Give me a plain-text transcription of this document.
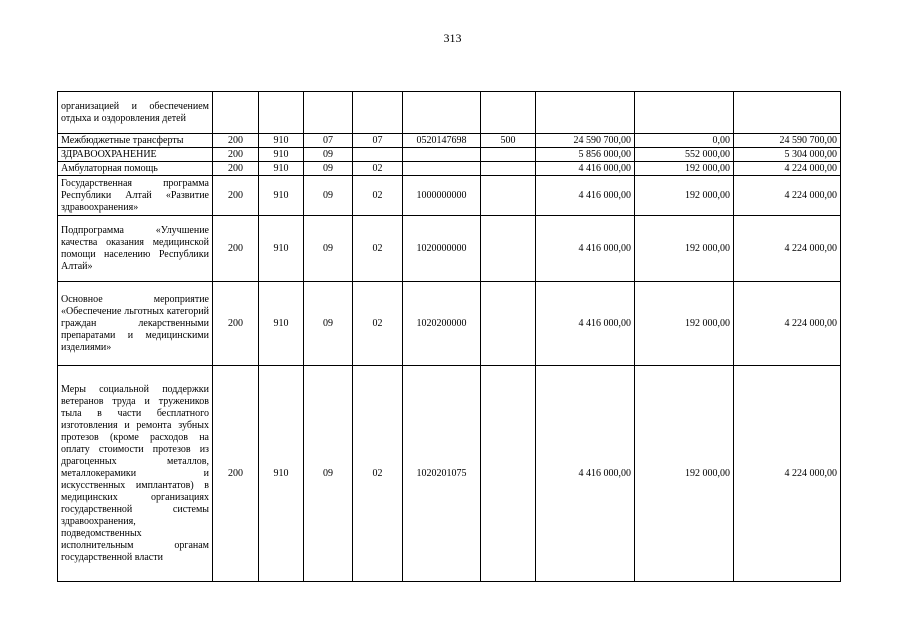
313
организацией и обеспечением отдыха и оздоровления детей									
Межбюджетные трансферты	200	910	07	07	0520147698	500	24 590 700,00	0,00	24 590 700,00
ЗДРАВООХРАНЕНИЕ	200	910	09				5 856 000,00	552 000,00	5 304 000,00
Амбулаторная помощь	200	910	09	02			4 416 000,00	192 000,00	4 224 000,00
Государственная программа Республики Алтай «Развитие здравоохранения»	200	910	09	02	1000000000		4 416 000,00	192 000,00	4 224 000,00
Подпрограмма «Улучшение качества оказания медицинской помощи населению Республики Алтай»	200	910	09	02	1020000000		4 416 000,00	192 000,00	4 224 000,00
Основное мероприятие «Обеспечение льготных категорий граждан лекарственными препаратами и медицинскими изделиями»	200	910	09	02	1020200000		4 416 000,00	192 000,00	4 224 000,00
Меры социальной поддержки ветеранов труда и тружеников тыла в части бесплатного изготовления и ремонта зубных протезов (кроме расходов на оплату стоимости протезов из драгоценных металлов, металлокерамики и искусственных имплантатов) в медицинских организациях государственной системы здравоохранения, подведомственных исполнительным органам государственной власти	200	910	09	02	1020201075		4 416 000,00	192 000,00	4 224 000,00
